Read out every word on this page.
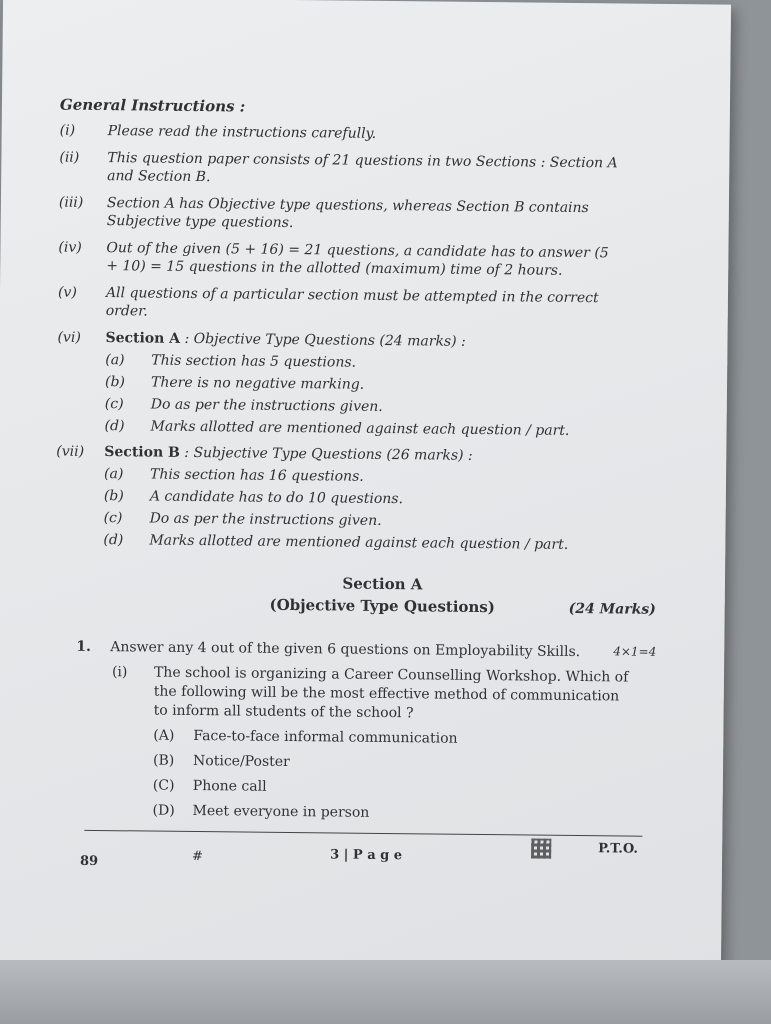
General Instructions :
(i)	Please read the instructions carefully.
(ii)	This question paper consists of 21 questions in two Sections : Section A and Section B.
(iii)	Section A has Objective type questions, whereas Section B contains Subjective type questions.
(iv)	Out of the given (5 + 16) = 21 questions, a candidate has to answer (5 + 10) = 15 questions in the allotted (maximum) time of 2 hours.
(v)	All questions of a particular section must be attempted in the correct order.
(vi)	Section A : Objective Type Questions (24 marks) :
(a)	This section has 5 questions.
(b)	There is no negative marking.
(c)	Do as per the instructions given.
(d)	Marks allotted are mentioned against each question / part.
(vii)	Section B : Subjective Type Questions (26 marks) :
(a)	This section has 16 questions.
(b)	A candidate has to do 10 questions.
(c)	Do as per the instructions given.
(d)	Marks allotted are mentioned against each question / part.
Section A
(Objective Type Questions)	(24 Marks)
1. Answer any 4 out of the given 6 questions on Employability Skills.	4×1=4
(i)	The school is organizing a Career Counselling Workshop. Which of the following will be the most effective method of communication to inform all students of the school ?
(A)	Face-to-face informal communication
(B)	Notice/Poster
(C)	Phone call
(D)	Meet everyone in person
89	#	3 | P a g e	P.T.O.
